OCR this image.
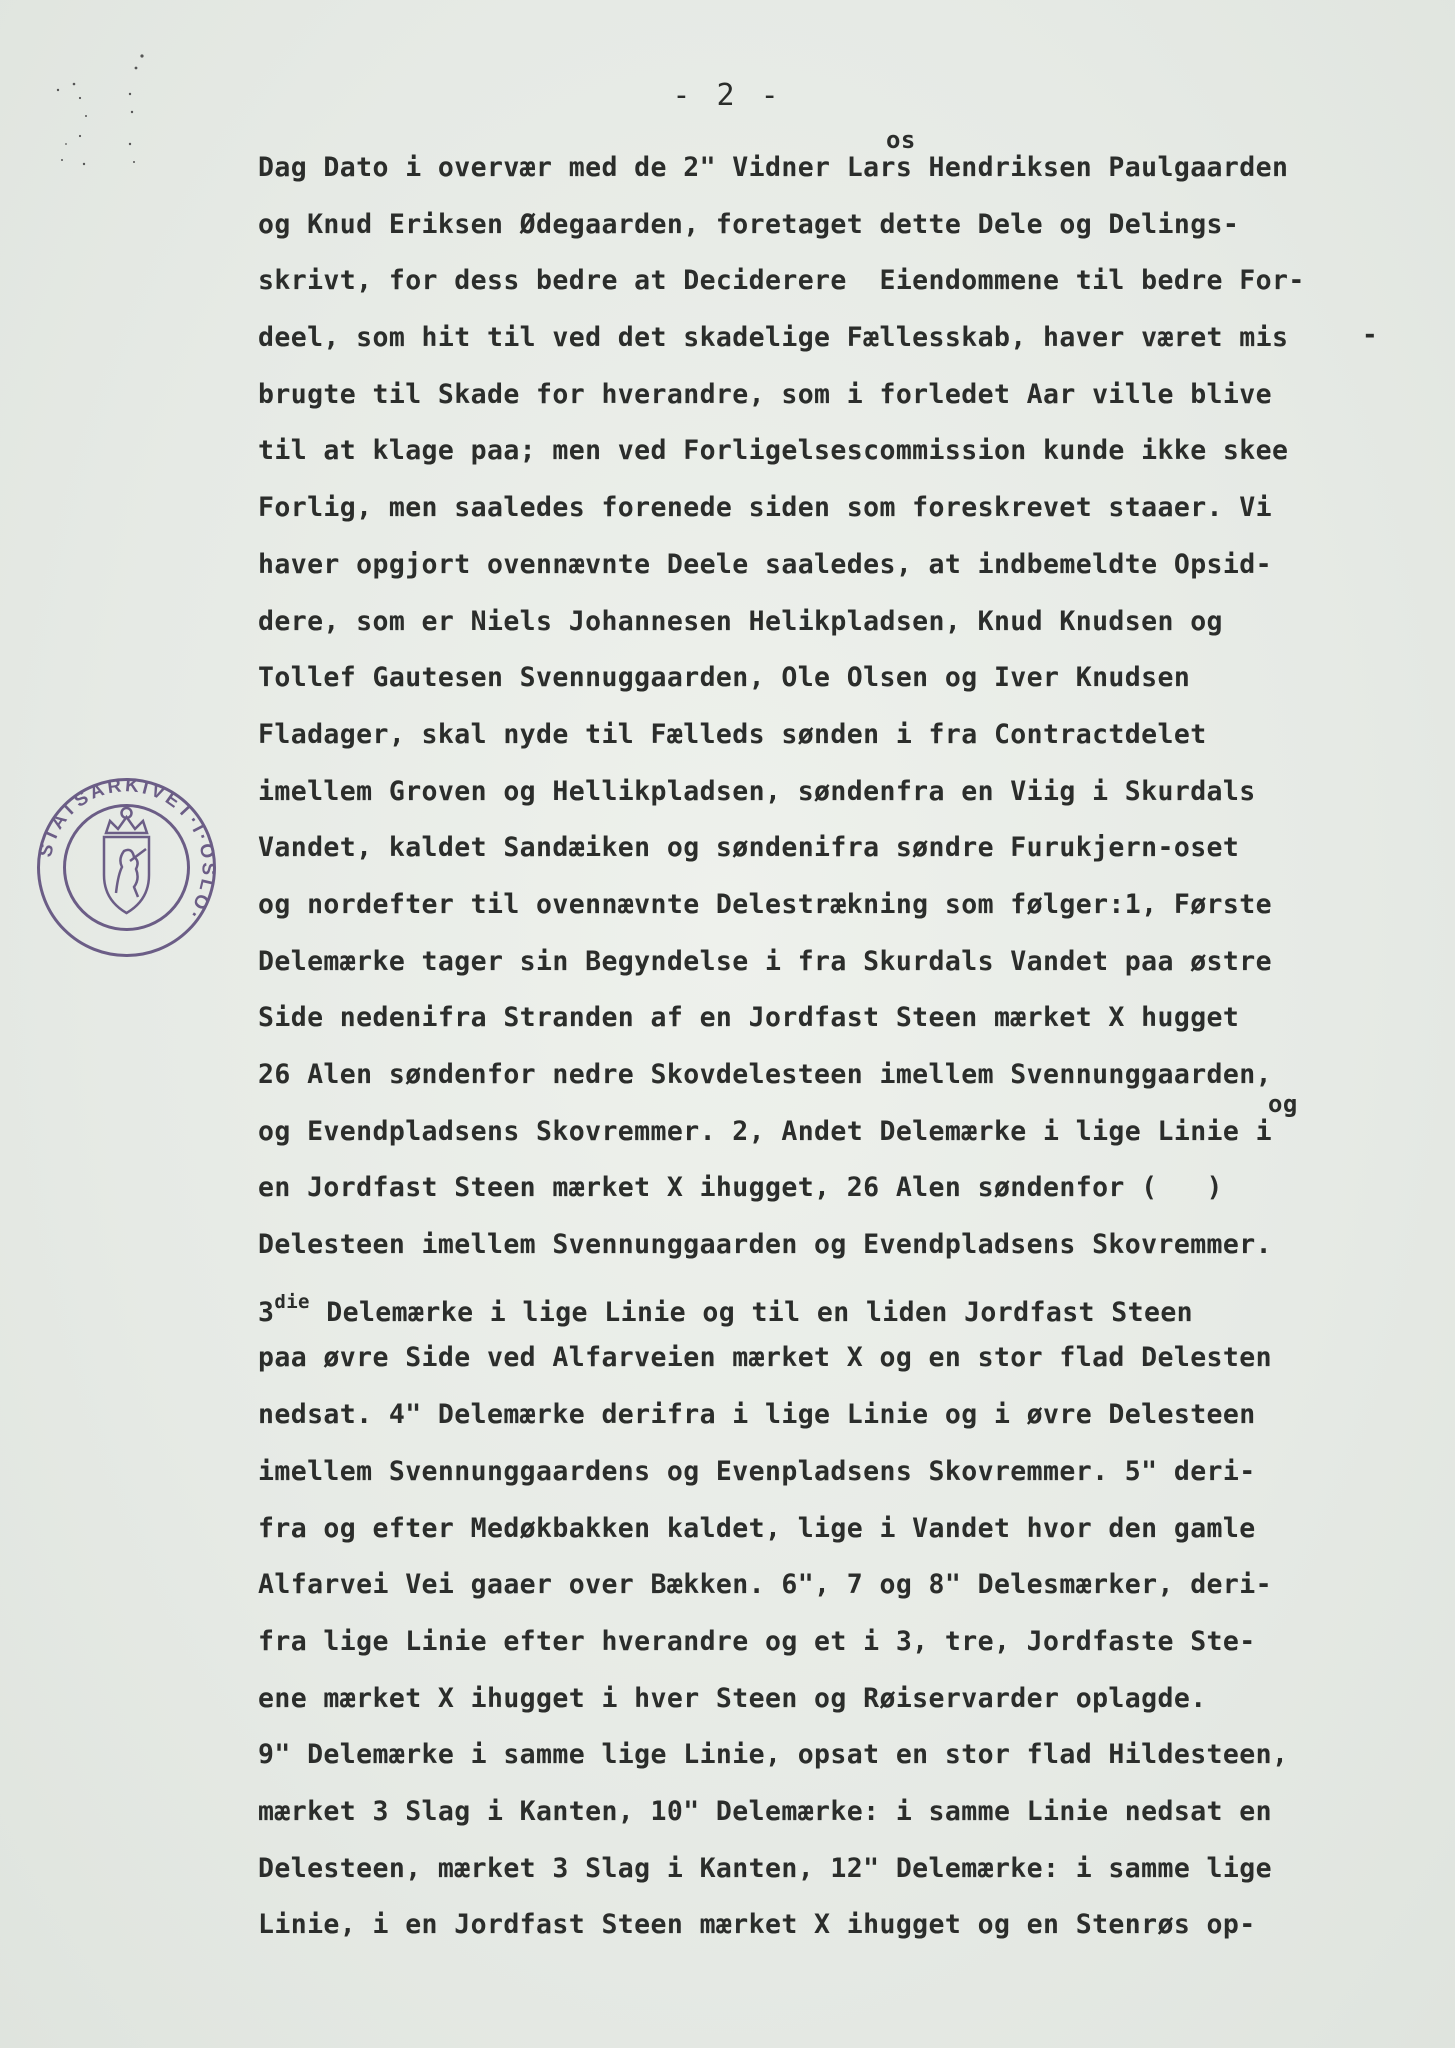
- 2 -
-
Dag Dato i overvær med de 2" Vidner Lars Hendriksen Paulgaarden
os
og Knud Eriksen Ødegaarden, foretaget dette Dele og Delings-
skrivt, for dess bedre at Deciderere  Eiendommene til bedre For-
deel, som hit til ved det skadelige Fællesskab, haver været mis
brugte til Skade for hverandre, som i forledet Aar ville blive
til at klage paa; men ved Forligelsescommission kunde ikke skee
Forlig, men saaledes forenede siden som foreskrevet staaer. Vi
haver opgjort ovennævnte Deele saaledes, at indbemeldte Opsid-
dere, som er Niels Johannesen Helikpladsen, Knud Knudsen og
Tollef Gautesen Svennuggaarden, Ole Olsen og Iver Knudsen
Fladager, skal nyde til Fælleds sønden i fra Contractdelet
imellem Groven og Hellikpladsen, søndenfra en Viig i Skurdals
Vandet, kaldet Sandæiken og søndenifra søndre Furukjern-oset
og nordefter til ovennævnte Delestrækning som følger:1, Første
Delemærke tager sin Begyndelse i fra Skurdals Vandet paa østre
Side nedenifra Stranden af en Jordfast Steen mærket X hugget
26 Alen søndenfor nedre Skovdelesteen imellem Svennunggaarden,
og Evendpladsens Skovremmer. 2, Andet Delemærke i lige Linie i
og
en Jordfast Steen mærket X ihugget, 26 Alen søndenfor (   )
Delesteen imellem Svennunggaarden og Evendpladsens Skovremmer.
$3^{die}$ Delemærke i lige Linie og til en liden Jordfast Steen
paa øvre Side ved Alfarveien mærket X og en stor flad Delesten
nedsat. 4" Delemærke derifra i lige Linie og i øvre Delesteen
imellem Svennunggaardens og Evenpladsens Skovremmer. 5" deri-
fra og efter Medøkbakken kaldet, lige i Vandet hvor den gamle
Alfarvei Vei gaaer over Bækken. 6", 7 og 8" Delesmærker, deri-
fra lige Linie efter hverandre og et i 3, tre, Jordfaste Ste-
ene mærket X ihugget i hver Steen og Røiservarder oplagde.
9" Delemærke i samme lige Linie, opsat en stor flad Hildesteen,
mærket 3 Slag i Kanten, 10" Delemærke: i samme Linie nedsat en
Delesteen, mærket 3 Slag i Kanten, 12" Delemærke: i samme lige
Linie, i en Jordfast Steen mærket X ihugget og en Stenrøs op-
STATSARKIVET·I·OSLO·
